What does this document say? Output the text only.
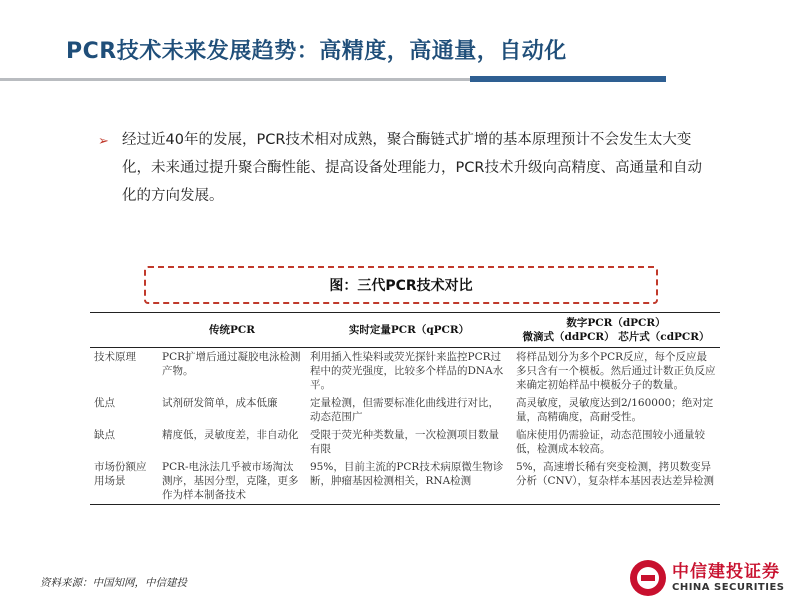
PCR技术未来发展趋势：高精度，高通量，自动化
➢ 经过近40年的发展，PCR技术相对成熟，聚合酶链式扩增的基本原理预计不会发生太大变化，未来通过提升聚合酶性能、提高设备处理能力，PCR技术升级向高精度、高通量和自动化的方向发展。
图：三代PCR技术对比
	传统PCR	实时定量PCR（qPCR）	数字PCR（dPCR）
微滴式（ddPCR） 芯片式（cdPCR）
技术原理	PCR扩增后通过凝胶电泳检测产物。	利用插入性染料或荧光探针来监控PCR过程中的荧光强度，比较多个样品的DNA水平。	将样品划分为多个PCR反应，每个反应最多只含有一个模板。然后通过计数正负反应来确定初始样品中模板分子的数量。
优点	试剂研发简单，成本低廉	定量检测，但需要标准化曲线进行对比，动态范围广	高灵敏度，灵敏度达到2/160000；绝对定量，高精确度，高耐受性。
缺点	精度低，灵敏度差，非自动化	受限于荧光种类数量，一次检测项目数量有限	临床使用仍需验证，动态范围较小通量较低，检测成本较高。
市场份额应用场景	PCR-电泳法几乎被市场淘汰测序，基因分型，克隆，更多作为样本制备技术	95%，目前主流的PCR技术病原微生物诊断，肿瘤基因检测相关，RNA检测	5%，高速增长稀有突变检测，拷贝数变异分析（CNV），复杂样本基因表达差异检测
资料来源：中国知网，中信建投
中信建投证券
CHINA SECURITIES
